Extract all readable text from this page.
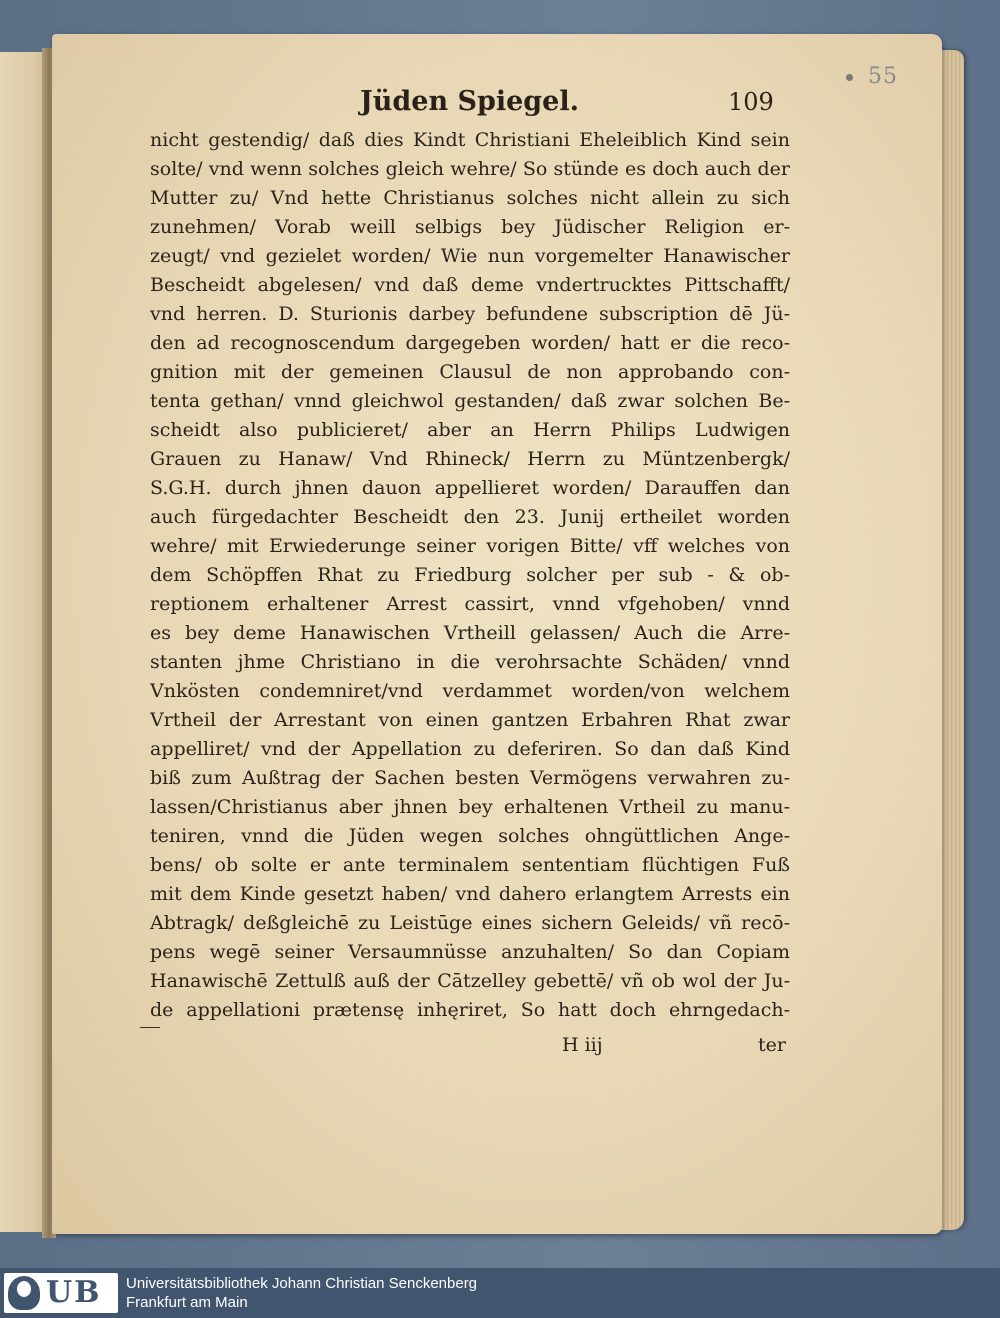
55
Jüden Spiegel.	109
nicht gestendig/ daß dies Kindt Christiani Eheleiblich Kind sein
solte/ vnd wenn solches gleich wehre/ So stünde es doch auch der
Mutter zu/ Vnd hette Christianus solches nicht allein zu sich
zunehmen/ Vorab weill selbigs bey Jüdischer Religion er-
zeugt/ vnd gezielet worden/ Wie nun vorgemelter Hanawischer
Bescheidt abgelesen/ vnd daß deme vndertrucktes Pittschafft/
vnd herren. D. Sturionis darbey befundene subscription dē Jü-
den ad recognoscendum dargegeben worden/ hatt er die reco-
gnition mit der gemeinen Clausul de non approbando con-
tenta gethan/ vnnd gleichwol gestanden/ daß zwar solchen Be-
scheidt also publicieret/ aber an Herrn Philips Ludwigen
Grauen zu Hanaw/ Vnd Rhineck/ Herrn zu Müntzenbergk/
S.G.H. durch jhnen dauon appellieret worden/ Darauffen dan
auch fürgedachter Bescheidt den 23. Junij ertheilet worden
wehre/ mit Erwiederunge seiner vorigen Bitte/ vff welches von
dem Schöpffen Rhat zu Friedburg solcher per sub - & ob-
reptionem erhaltener Arrest cassirt, vnnd vfgehoben/ vnnd
es bey deme Hanawischen Vrtheill gelassen/ Auch die Arre-
stanten jhme Christiano in die verohrsachte Schäden/ vnnd
Vnkösten condemniret/vnd verdammet worden/von welchem
Vrtheil der Arrestant von einen gantzen Erbahren Rhat zwar
appelliret/ vnd der Appellation zu deferiren. So dan daß Kind
biß zum Außtrag der Sachen besten Vermögens verwahren zu-
lassen/Christianus aber jhnen bey erhaltenen Vrtheil zu manu-
teniren, vnnd die Jüden wegen solches ohngüttlichen Ange-
bens/ ob solte er ante terminalem sententiam flüchtigen Fuß
mit dem Kinde gesetzt haben/ vnd dahero erlangtem Arrests ein
Abtragk/ deßgleichē zu Leistūge eines sichern Geleids/ vñ recō-
pens wegē seiner Versaumnüsse anzuhalten/ So dan Copiam
Hanawischē Zettulß auß der Cātzelley gebettē/ vñ ob wol der Ju-
de appellationi prætensę inhęriret, So hatt doch ehrngedach-
H iij	ter
UB Universitätsbibliothek Johann Christian Senckenberg
Frankfurt am Main
